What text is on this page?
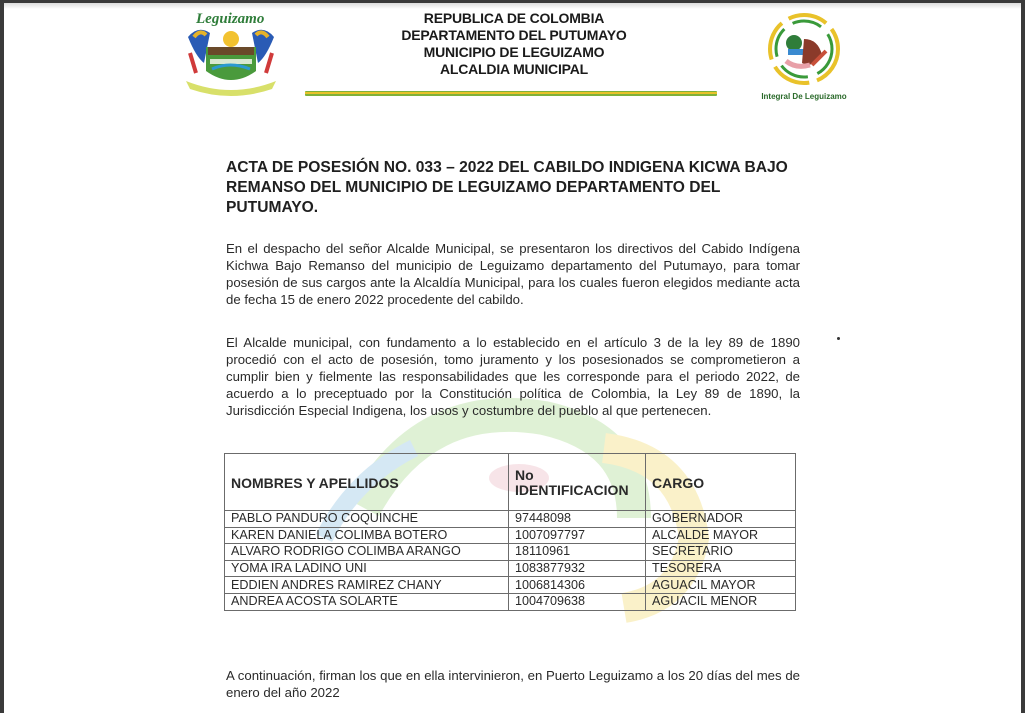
Leguizamo	REPUBLICA DE COLOMBIA
DEPARTAMENTO DEL PUTUMAYO
MUNICIPIO DE LEGUIZAMO
ALCALDIA MUNICIPAL
Integral De Leguizamo
ACTA DE POSESIÓN NO. 033 – 2022 DEL CABILDO INDIGENA KICWA BAJO REMANSO DEL MUNICIPIO DE LEGUIZAMO DEPARTAMENTO DEL PUTUMAYO.

En el despacho del señor Alcalde Municipal, se presentaron los directivos del Cabido Indígena Kichwa Bajo Remanso del municipio de Leguizamo departamento del Putumayo, para tomar posesión de sus cargos ante la Alcaldía Municipal, para los cuales fueron elegidos mediante acta de fecha 15 de enero 2022 procedente del cabildo.

El Alcalde municipal, con fundamento a lo establecido en el artículo 3 de la ley 89 de 1890 procedió con el acto de posesión, tomo juramento y los posesionados se comprometieron a cumplir bien y fielmente las responsabilidades que les corresponde para el periodo 2022, de acuerdo a lo preceptuado por la Constitución política de Colombia, la Ley 89 de 1890, la Jurisdicción Especial Indigena, los usos y costumbre del pueblo al que pertenecen.

NOMBRES Y APELLIDOS	No IDENTIFICACION	CARGO
PABLO PANDURO COQUINCHE	97448098	GOBERNADOR
KAREN DANIELA COLIMBA BOTERO	1007097797	ALCALDE MAYOR
ALVARO RODRIGO COLIMBA ARANGO	18110961	SECRETARIO
YOMA IRA LADINO UNI	1083877932	TESORERA
EDDIEN ANDRES RAMIREZ CHANY	1006814306	AGUACIL MAYOR
ANDREA ACOSTA SOLARTE	1004709638	AGUACIL MENOR

A continuación, firman los que en ella intervinieron, en Puerto Leguizamo a los 20 días del mes de enero del año 2022
